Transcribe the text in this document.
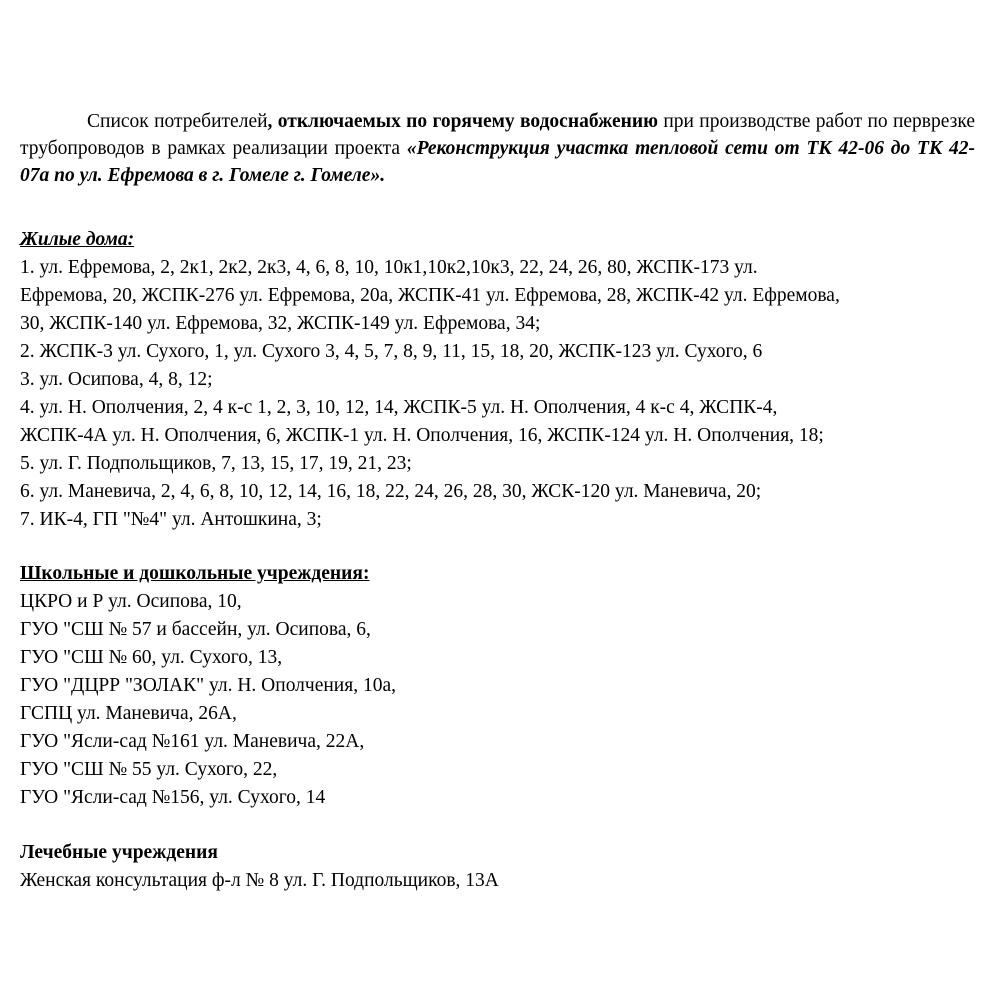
Список потребителей, отключаемых по горячему водоснабжению при производстве работ по перврезке трубопроводов в рамках реализации проекта «Реконструкция участка тепловой сети от ТК 42-06 до ТК 42-07а по ул. Ефремова в г. Гомеле г. Гомеле».

Жилые дома:

1. ул. Ефремова, 2, 2к1, 2к2, 2к3, 4, 6, 8, 10, 10к1,10к2,10к3, 22, 24, 26, 80, ЖСПК-173 ул.
Ефремова, 20, ЖСПК-276 ул. Ефремова, 20а, ЖСПК-41 ул. Ефремова, 28, ЖСПК-42 ул. Ефремова,
30, ЖСПК-140 ул. Ефремова, 32, ЖСПК-149 ул. Ефремова, 34;
2. ЖСПК-3 ул. Сухого, 1, ул. Сухого 3, 4, 5, 7, 8, 9, 11, 15, 18, 20, ЖСПК-123 ул. Сухого, 6
3. ул. Осипова, 4, 8, 12;
4. ул. Н. Ополчения, 2, 4 к-с 1, 2, 3, 10, 12, 14, ЖСПК-5 ул. Н. Ополчения, 4 к-с 4, ЖСПК-4,
ЖСПК-4А ул. Н. Ополчения, 6, ЖСПК-1 ул. Н. Ополчения, 16, ЖСПК-124 ул. Н. Ополчения, 18;
5. ул. Г. Подпольщиков, 7, 13, 15, 17, 19, 21, 23;
6. ул. Маневича, 2, 4, 6, 8, 10, 12, 14, 16, 18, 22, 24, 26, 28, 30, ЖСК-120 ул. Маневича, 20;
7. ИК-4, ГП "№4" ул. Антошкина, 3;

Школьные и дошкольные учреждения:

ЦКРО и Р ул. Осипова, 10,
ГУО "СШ № 57 и бассейн, ул. Осипова, 6,
ГУО "СШ № 60, ул. Сухого, 13,
ГУО "ДЦРР "ЗОЛАК" ул. Н. Ополчения, 10а,
ГСПЦ ул. Маневича, 26А,
ГУО "Ясли-сад №161 ул. Маневича, 22А,
ГУО "СШ № 55 ул. Сухого, 22,
ГУО "Ясли-сад №156, ул. Сухого, 14

Лечебные учреждения

Женская консультация ф-л № 8 ул. Г. Подпольщиков, 13А
